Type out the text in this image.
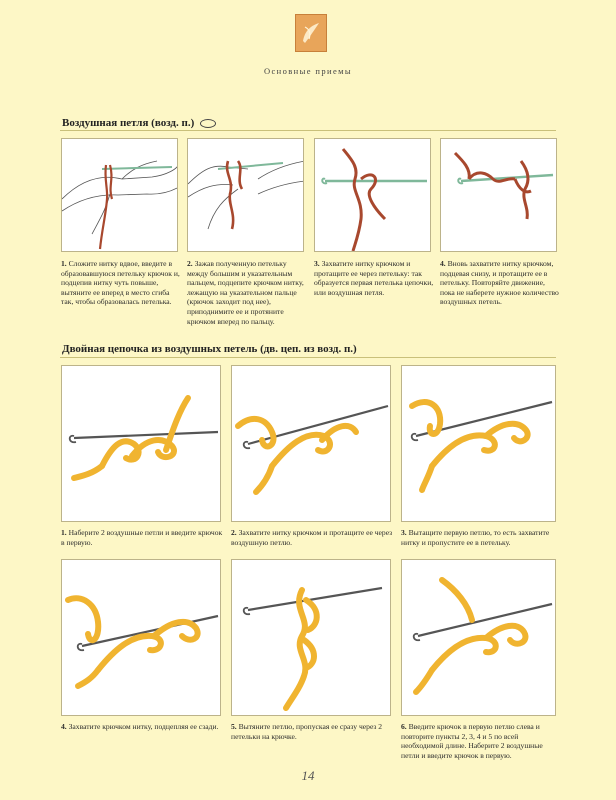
Основные приемы
Воздушная петля (возд. п.)
1. Сложите нитку вдвое, введите в образовавшуюся петельку крючок и, подцепив нитку чуть повыше, вытяните ее вперед в место сгиба так, чтобы образовалась петелька.
2. Зажав полученную петельку между большим и указательным пальцем, подцепите крючком нитку, лежащую на указательном пальце (крючок заходит под нее), приподнимите ее и протяните крючком вперед по пальцу.
3. Захватите нитку крючком и протащите ее через петельку: так образуется первая петелька цепочки, или воздушная петля.
4. Вновь захватите нитку крючком, подцевая снизу, и протащите ее в петельку. Повторяйте движение, пока не наберете нужное количество воздушных петель.
Двойная цепочка из воздушных петель (дв. цеп. из возд. п.)
1. Наберите 2 воздушные петли и введите крючок в первую.
2. Захватите нитку крючком и протащите ее через воздушную петлю.
3. Вытащите первую петлю, то есть захватите нитку и пропустите ее в петельку.
4. Захватите крючком нитку, подцепляя ее сзади.	5. Вытяните петлю, пропуская ее сразу через 2 петельки на крючке.
6. Введите крючок в первую петлю слева и повторите пункты 2, 3, 4 и 5 по всей необходимой длине. Наберите 2 воздушные петли и введите крючок в первую.
14
